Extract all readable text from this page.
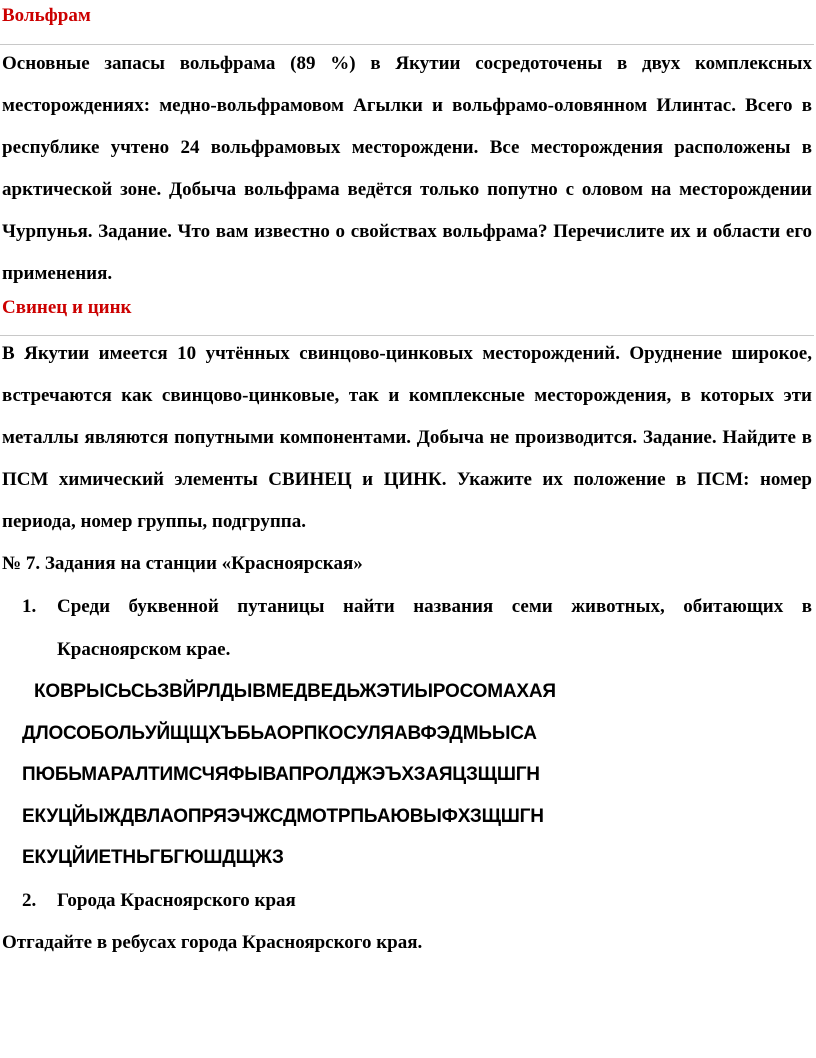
Вольфрам
Основные запасы вольфрама (89 %) в Якутии сосредоточены в двух комплексных месторождениях: медно-вольфрамовом Агылки и вольфрамо-оловянном Илинтас. Всего в республике учтено 24 вольфрамовых месторождени. Все месторождения расположены в арктической зоне. Добыча вольфрама ведётся только попутно с оловом на месторождении Чурпунья. Задание. Что вам известно о свойствах вольфрама? Перечислите их и области его применения.
Свинец и цинк
В Якутии имеется 10 учтённых свинцово-цинковых месторождений. Оруднение широкое, встречаются как свинцово-цинковые, так и комплексные месторождения, в которых эти металлы являются попутными компонентами. Добыча не производится. Задание. Найдите в ПСМ химический элементы СВИНЕЦ и ЦИНК. Укажите их положение в ПСМ: номер периода, номер группы, подгруппа.
№ 7. Задания на станции «Красноярская»
1. Среди буквенной путаницы найти названия семи животных, обитающих в Красноярском крае.
КОВРЫСЬСЬЗВЙРЛДЫВМЕДВЕДЬЖЭТИЫРОСОМАХАЯ
ДЛОСОБОЛЬУЙЩЩХЪБЬАОРПКОСУЛЯАВФЭДМЬЫСА
ПЮБЬМАРАЛТИМСЧЯФЫВАПРОЛДЖЭЪХЗАЯЦЗЩШГН
ЕКУЦЙЫЖДВЛАОПРЯЭЧЖСДМОТРПЬАЮВЫФХЗЩШГН
ЕКУЦЙИЕТНЬГБГЮШДЩЖЗ
2. Города Красноярского края
Отгадайте в ребусах города Красноярского края.
